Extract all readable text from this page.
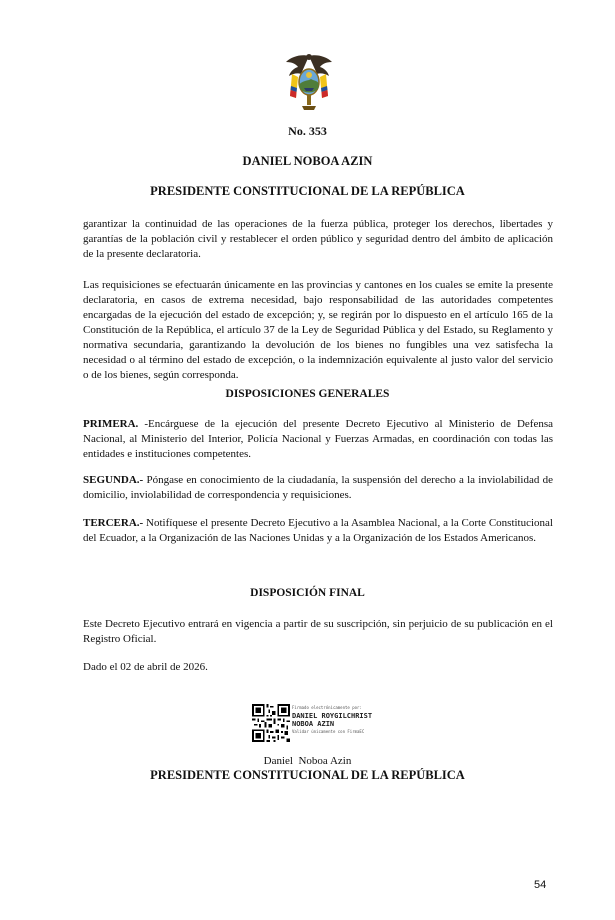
No. 353
DANIEL NOBOA AZIN
PRESIDENTE CONSTITUCIONAL DE LA REPÚBLICA
garantizar la continuidad de las operaciones de la fuerza pública, proteger los derechos, libertades y garantías de la población civil y restablecer el orden público y seguridad dentro del ámbito de aplicación de la presente declaratoria.
Las requisiciones se efectuarán únicamente en las provincias y cantones en los cuales se emite la presente declaratoria, en casos de extrema necesidad, bajo responsabilidad de las autoridades competentes encargadas de la ejecución del estado de excepción; y, se regirán por lo dispuesto en el artículo 165 de la Constitución de la República, el artículo 37 de la Ley de Seguridad Pública y del Estado, su Reglamento y normativa secundaria, garantizando la devolución de los bienes no fungibles una vez satisfecha la necesidad o al término del estado de excepción, o la indemnización equivalente al justo valor del servicio o de los bienes, según corresponda.
DISPOSICIONES GENERALES
PRIMERA. -Encárguese de la ejecución del presente Decreto Ejecutivo al Ministerio de Defensa Nacional, al Ministerio del Interior, Policía Nacional y Fuerzas Armadas, en coordinación con todas las entidades e instituciones competentes.
SEGUNDA.- Póngase en conocimiento de la ciudadanía, la suspensión del derecho a la inviolabilidad de domicilio, inviolabilidad de correspondencia y requisiciones.
TERCERA.- Notifíquese el presente Decreto Ejecutivo a la Asamblea Nacional, a la Corte Constitucional del Ecuador, a la Organización de las Naciones Unidas y a la Organización de los Estados Americanos.
DISPOSICIÓN FINAL
Este Decreto Ejecutivo entrará en vigencia a partir de su suscripción, sin perjuicio de su publicación en el Registro Oficial.
Dado el 02 de abril de 2026.
Firmado electrónicamente por:
DANIEL ROYGILCHRIST
NOBOA AZIN
Validar únicamente con FirmaEC
Daniel  Noboa Azin
PRESIDENTE CONSTITUCIONAL DE LA REPÚBLICA
54
